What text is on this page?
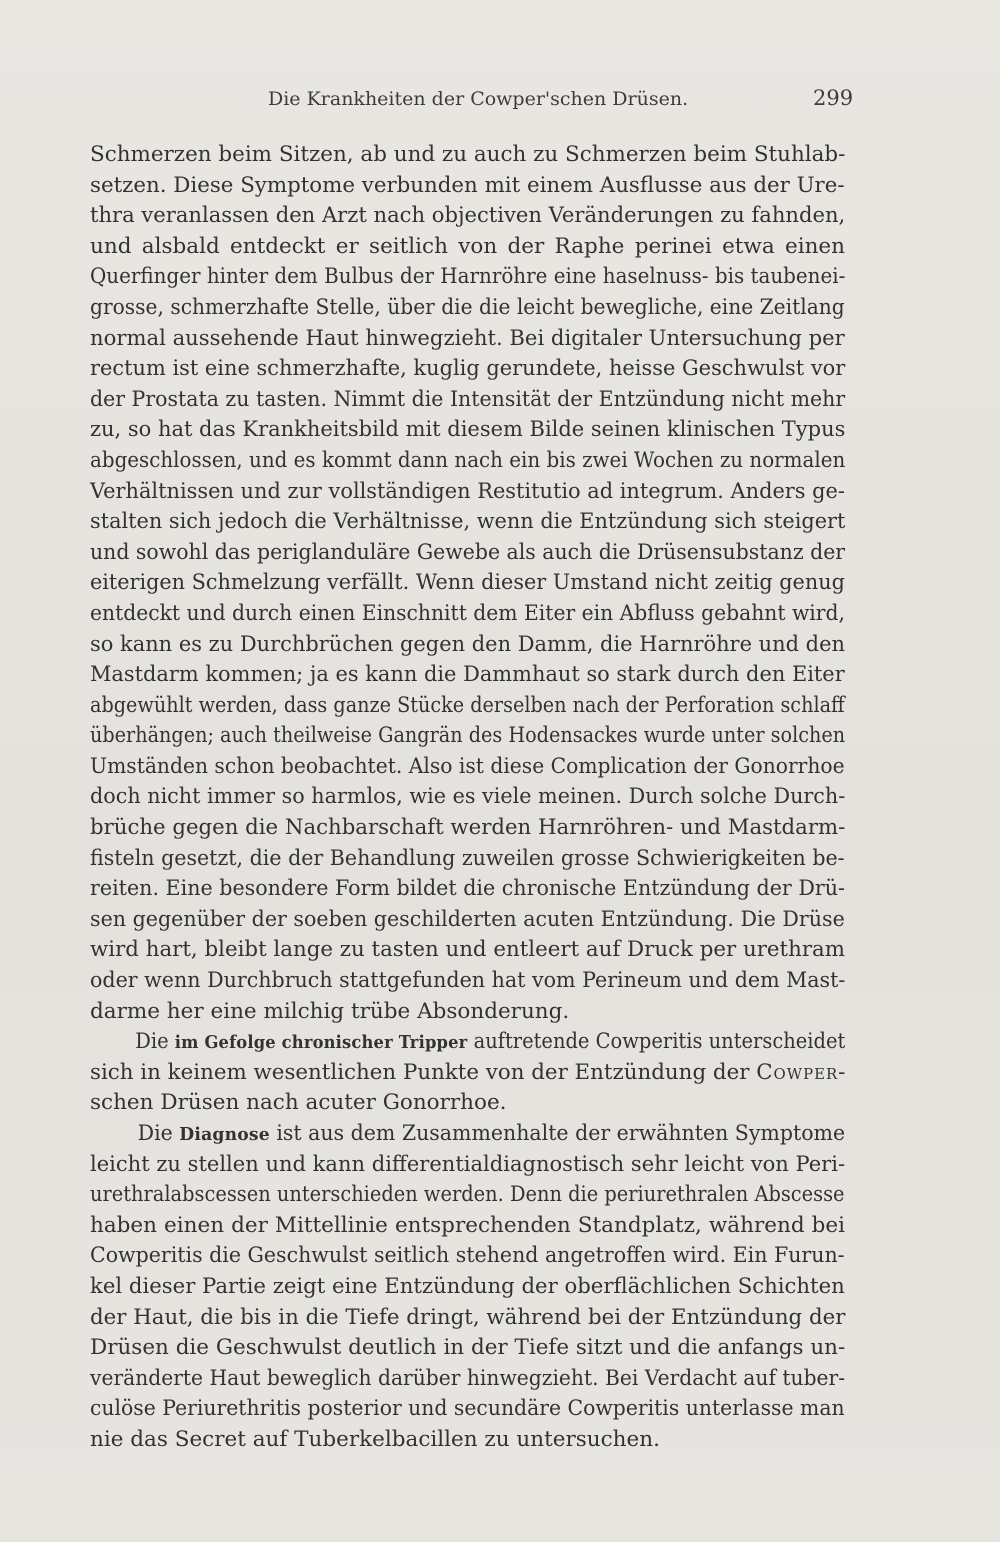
Die Krankheiten der Cowper'schen Drüsen.	299
Schmerzen beim Sitzen, ab und zu auch zu Schmerzen beim Stuhlab-
setzen. Diese Symptome verbunden mit einem Ausflusse aus der Ure-
thra veranlassen den Arzt nach objectiven Veränderungen zu fahnden,
und alsbald entdeckt er seitlich von der Raphe perinei etwa einen
Querfinger hinter dem Bulbus der Harnröhre eine haselnuss- bis taubenei-
grosse, schmerzhafte Stelle, über die die leicht bewegliche, eine Zeitlang
normal aussehende Haut hinwegzieht. Bei digitaler Untersuchung per
rectum ist eine schmerzhafte, kuglig gerundete, heisse Geschwulst vor
der Prostata zu tasten. Nimmt die Intensität der Entzündung nicht mehr
zu, so hat das Krankheitsbild mit diesem Bilde seinen klinischen Typus
abgeschlossen, und es kommt dann nach ein bis zwei Wochen zu normalen
Verhältnissen und zur vollständigen Restitutio ad integrum. Anders ge-
stalten sich jedoch die Verhältnisse, wenn die Entzündung sich steigert
und sowohl das periglanduläre Gewebe als auch die Drüsensubstanz der
eiterigen Schmelzung verfällt. Wenn dieser Umstand nicht zeitig genug
entdeckt und durch einen Einschnitt dem Eiter ein Abfluss gebahnt wird,
so kann es zu Durchbrüchen gegen den Damm, die Harnröhre und den
Mastdarm kommen; ja es kann die Dammhaut so stark durch den Eiter
abgewühlt werden, dass ganze Stücke derselben nach der Perforation schlaff
überhängen; auch theilweise Gangrän des Hodensackes wurde unter solchen
Umständen schon beobachtet. Also ist diese Complication der Gonorrhoe
doch nicht immer so harmlos, wie es viele meinen. Durch solche Durch-
brüche gegen die Nachbarschaft werden Harnröhren- und Mastdarm-
fisteln gesetzt, die der Behandlung zuweilen grosse Schwierigkeiten be-
reiten. Eine besondere Form bildet die chronische Entzündung der Drü-
sen gegenüber der soeben geschilderten acuten Entzündung. Die Drüse
wird hart, bleibt lange zu tasten und entleert auf Druck per urethram
oder wenn Durchbruch stattgefunden hat vom Perineum und dem Mast-
darme her eine milchig trübe Absonderung.
Die im Gefolge chronischer Tripper auftretende Cowperitis unterscheidet
sich in keinem wesentlichen Punkte von der Entzündung der Cowper-
schen Drüsen nach acuter Gonorrhoe.
Die Diagnose ist aus dem Zusammenhalte der erwähnten Symptome
leicht zu stellen und kann differentialdiagnostisch sehr leicht von Peri-
urethralabscessen unterschieden werden. Denn die periurethralen Abscesse
haben einen der Mittellinie entsprechenden Standplatz, während bei
Cowperitis die Geschwulst seitlich stehend angetroffen wird. Ein Furun-
kel dieser Partie zeigt eine Entzündung der oberflächlichen Schichten
der Haut, die bis in die Tiefe dringt, während bei der Entzündung der
Drüsen die Geschwulst deutlich in der Tiefe sitzt und die anfangs un-
veränderte Haut beweglich darüber hinwegzieht. Bei Verdacht auf tuber-
culöse Periurethritis posterior und secundäre Cowperitis unterlasse man
nie das Secret auf Tuberkelbacillen zu untersuchen.
